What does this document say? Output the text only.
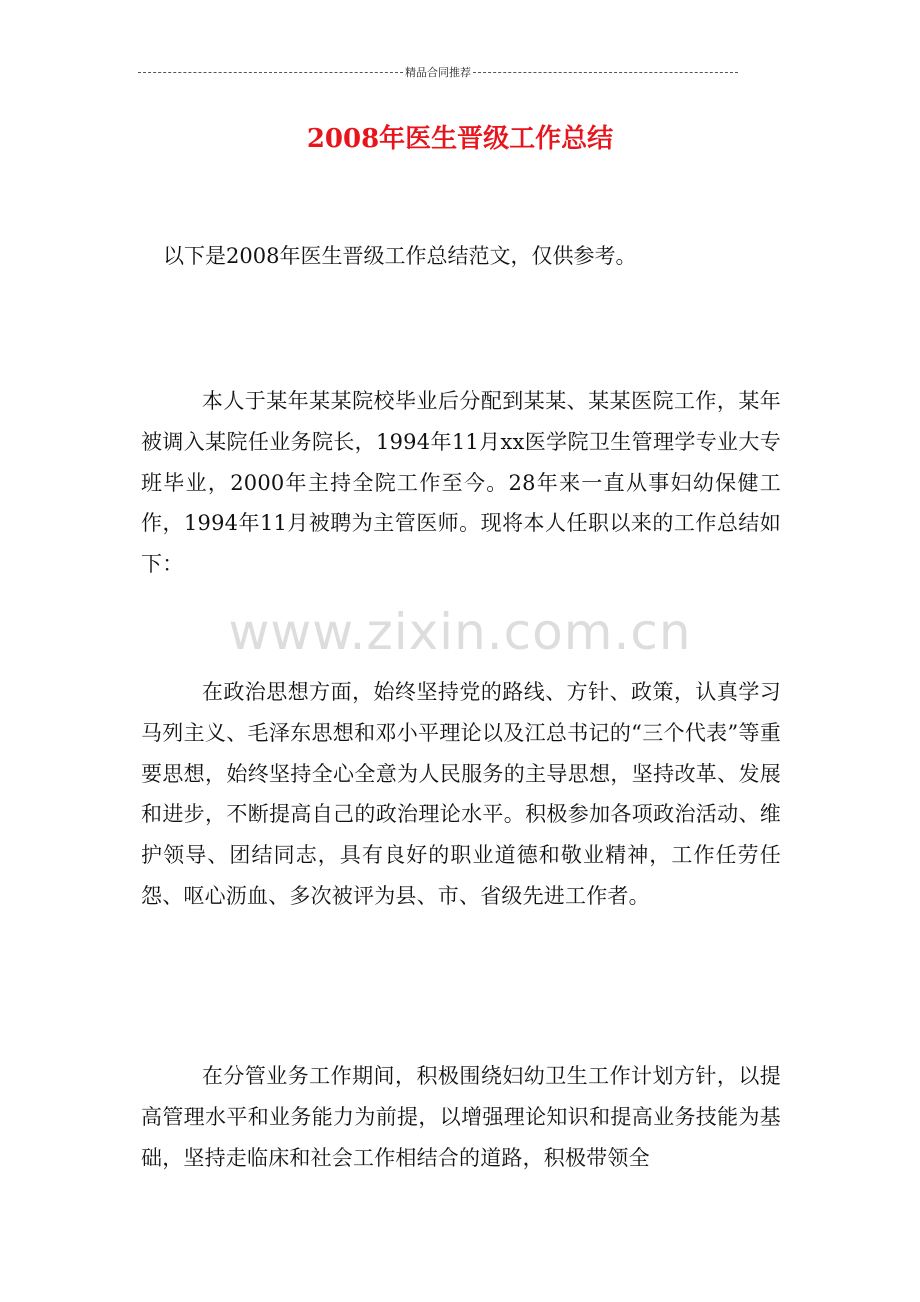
精品合同推荐
2008年医生晋级工作总结
以下是2008年医生晋级工作总结范文，仅供参考。

本人于某年某某院校毕业后分配到某某、某某医院工作，某年被调入某院任业务院长，1994年11月xx医学院卫生管理学专业大专班毕业，2000年主持全院工作至今。28年来一直从事妇幼保健工作，1994年11月被聘为主管医师。现将本人任职以来的工作总结如下：

www.zixin.com.cn

在政治思想方面，始终坚持党的路线、方针、政策，认真学习马列主义、毛泽东思想和邓小平理论以及江总书记的“三个代表”等重要思想，始终坚持全心全意为人民服务的主导思想，坚持改革、发展和进步，不断提高自己的政治理论水平。积极参加各项政治活动、维护领导、团结同志，具有良好的职业道德和敬业精神，工作任劳任怨、呕心沥血、多次被评为县、市、省级先进工作者。

在分管业务工作期间，积极围绕妇幼卫生工作计划方针，以提高管理水平和业务能力为前提，以增强理论知识和提高业务技能为基础，坚持走临床和社会工作相结合的道路，积极带领全
